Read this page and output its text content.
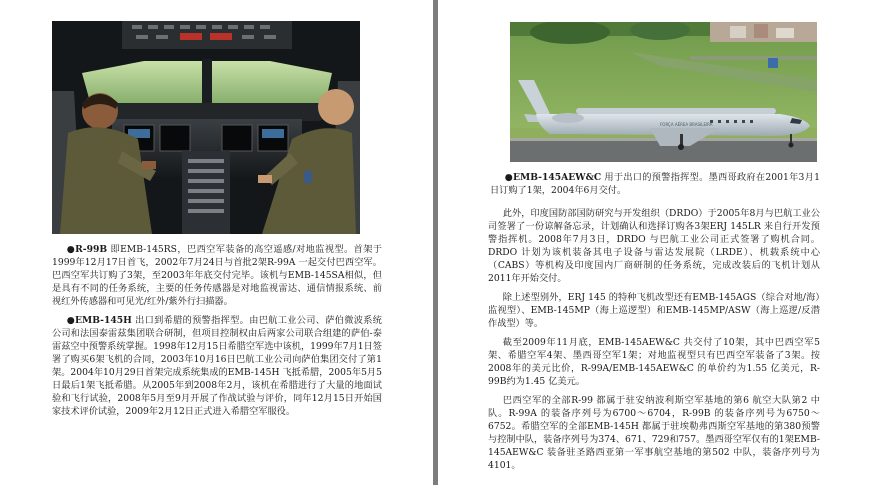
●R-99B 即EMB-145RS，巴西空军装备的高空遥感/对地监视型。首架于1999年12月17日首飞，2002年7月24日与首批2架R-99A 一起交付巴西空军。巴西空军共订购了3架，至2003年年底交付完毕。该机与EMB-145SA相似，但是具有不同的任务系统，主要的任务传感器是对地监视雷达、通信情报系统、前视红外传感器和可见光/红外/紫外行扫描器。

●EMB-145H 出口到希腊的预警指挥型。由巴航工业公司、萨伯微波系统公司和法国泰雷兹集团联合研制，但项目控制权由后两家公司联合组建的萨伯-泰雷兹空中预警系统掌握。1998年12月15日希腊空军选中该机，1999年7月1日签署了购买6架飞机的合同，2003年10月16日巴航工业公司向萨伯集团交付了第1架。2004年10月29日首架完成系统集成的EMB-145H 飞抵希腊，2005年5月5日最后1架飞抵希腊。从2005年到2008年2月，该机在希腊进行了大量的地面试验和飞行试验，2008年5月至9月开展了作战试验与评价，同年12月15日开始国家技术评价试验，2009年2月12日正式进入希腊空军服役。

FORÇA AÉREA BRASILEIRA

●EMB-145AEW&C 用于出口的预警指挥型。墨西哥政府在2001年3月1日订购了1架，2004年6月交付。

此外，印度国防部国防研究与开发组织（DRDO）于2005年8月与巴航工业公司签署了一份谅解备忘录，计划确认和选择订购各3架ERJ 145LR 来自行开发预警指挥机。2008年7月3日，DRDO 与巴航工业公司正式签署了购机合同。DRDO 计划为该机装备其电子设备与雷达发展院（LRDE）、机载系统中心（CABS）等机构及印度国内厂商研制的任务系统，完成改装后的飞机计划从2011年开始交付。

除上述型别外，ERJ 145 的特种飞机改型还有EMB-145AGS（综合对地/海）监视型）、EMB-145MP（海上巡逻型）和EMB-145MP/ASW（海上巡逻/反潜作战型）等。

截至2009年11月底，EMB-145AEW&C 共交付了10架，其中巴西空军5架、希腊空军4架、墨西哥空军1架；对地监视型只有巴西空军装备了3架。按2008年的美元比价，R-99A/EMB-145AEW&C 的单价约为1.55 亿美元，R-99B约为1.45 亿美元。

巴西空军的全部R-99 都属于驻安纳波利斯空军基地的第6 航空大队第2 中队。R-99A 的装备序列号为6700～6704，R-99B 的装备序列号为6750～6752。希腊空军的全部EMB-145H 都属于驻埃勒弗西斯空军基地的第380预警与控制中队，装备序列号为374、671、729和757。墨西哥空军仅有的1架EMB-145AEW&C 装备驻圣路西亚第一军事航空基地的第502 中队，装备序列号为4101。
